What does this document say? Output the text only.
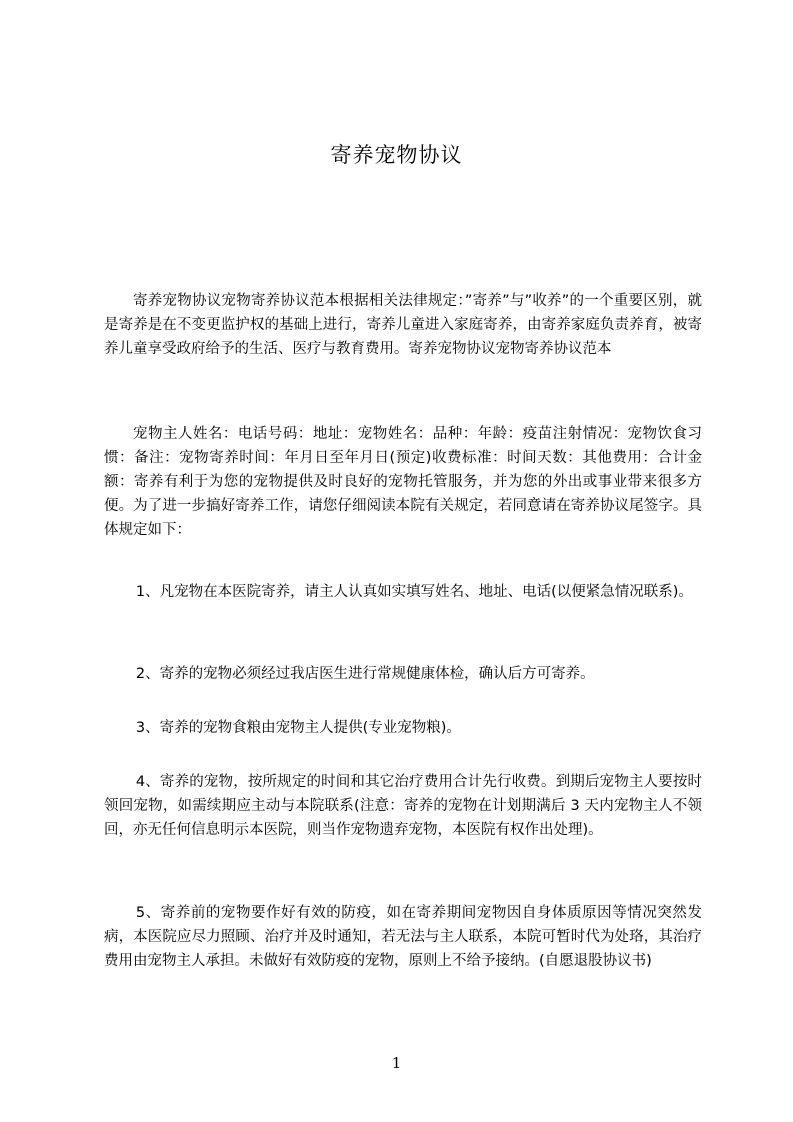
寄养宠物协议

寄养宠物协议宠物寄养协议范本根据相关法律规定：”寄养”与”收养”的一个重要区别，就是寄养是在不变更监护权的基础上进行，寄养儿童进入家庭寄养，由寄养家庭负责养育，被寄养儿童享受政府给予的生活、医疗与教育费用。寄养宠物协议宠物寄养协议范本

宠物主人姓名：电话号码：地址：宠物姓名：品种：年龄：疫苗注射情况：宠物饮食习惯：备注：宠物寄养时间：年月日至年月日(预定)收费标准：时间天数：其他费用：合计金额：寄养有利于为您的宠物提供及时良好的宠物托管服务，并为您的外出或事业带来很多方便。为了进一步搞好寄养工作，请您仔细阅读本院有关规定，若同意请在寄养协议尾签字。具体规定如下：

1、凡宠物在本医院寄养，请主人认真如实填写姓名、地址、电话(以便紧急情况联系)。

2、寄养的宠物必须经过我店医生进行常规健康体检，确认后方可寄养。

3、寄养的宠物食粮由宠物主人提供(专业宠物粮)。

4、寄养的宠物，按所规定的时间和其它治疗费用合计先行收费。到期后宠物主人要按时领回宠物，如需续期应主动与本院联系(注意：寄养的宠物在计划期满后 3 天内宠物主人不领回，亦无任何信息明示本医院，则当作宠物遗弃宠物，本医院有权作出处理)。

5、寄养前的宠物要作好有效的防疫，如在寄养期间宠物因自身体质原因等情况突然发病，本医院应尽力照顾、治疗并及时通知，若无法与主人联系，本院可暂时代为处珞，其治疗费用由宠物主人承担。未做好有效防疫的宠物，原则上不给予接纳。(自愿退股协议书)

1
